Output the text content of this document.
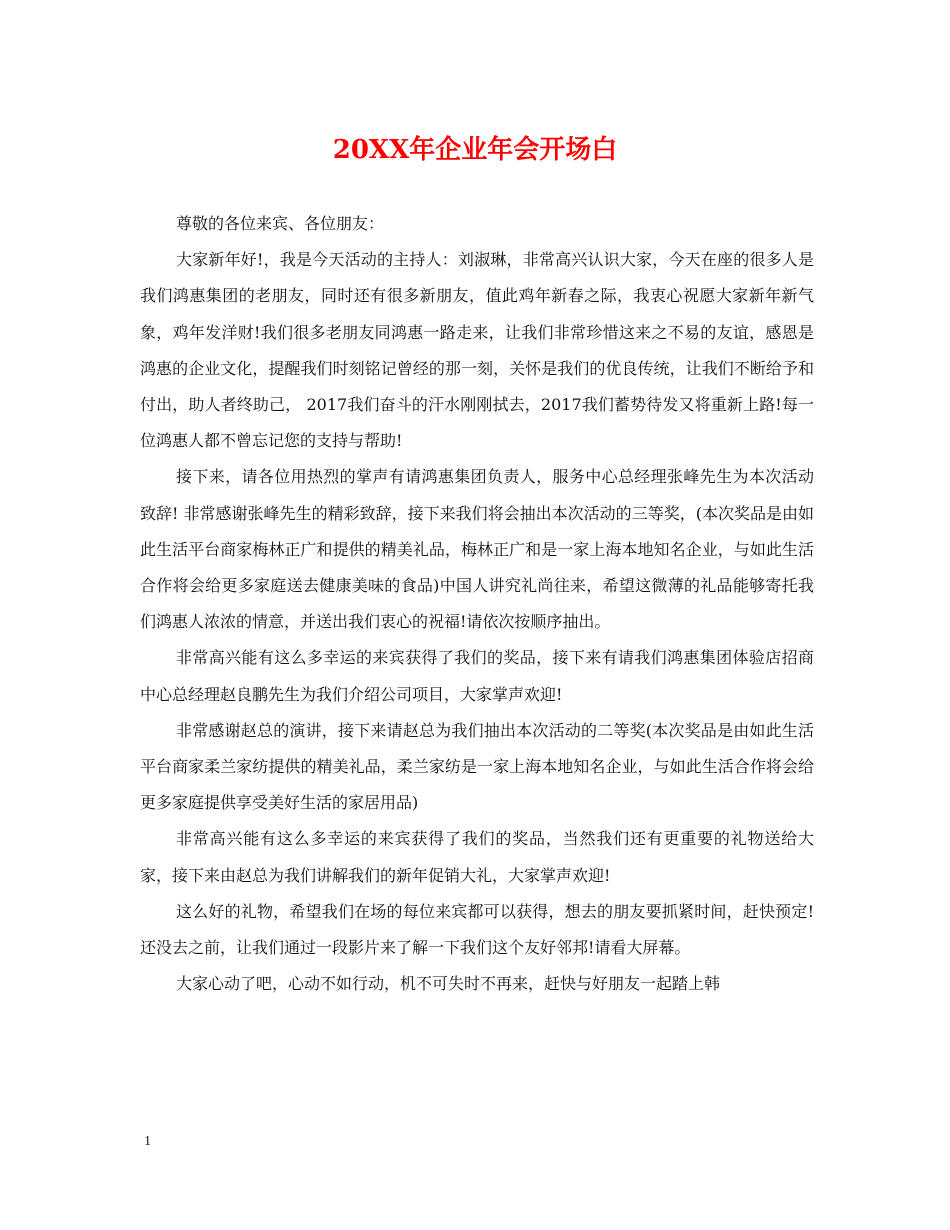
20XX年企业年会开场白

尊敬的各位来宾、各位朋友：

大家新年好!，我是今天活动的主持人：刘淑琳，非常高兴认识大家，今天在座的很多人是我们鸿惠集团的老朋友，同时还有很多新朋友，值此鸡年新春之际，我衷心祝愿大家新年新气象，鸡年发洋财!我们很多老朋友同鸿惠一路走来，让我们非常珍惜这来之不易的友谊，感恩是鸿惠的企业文化，提醒我们时刻铭记曾经的那一刻，关怀是我们的优良传统，让我们不断给予和付出，助人者终助己， 2017我们奋斗的汗水刚刚拭去，2017我们蓄势待发又将重新上路!每一位鸿惠人都不曾忘记您的支持与帮助!

接下来，请各位用热烈的掌声有请鸿惠集团负责人，服务中心总经理张峰先生为本次活动致辞! 非常感谢张峰先生的精彩致辞，接下来我们将会抽出本次活动的三等奖，(本次奖品是由如此生活平台商家梅林正广和提供的精美礼品，梅林正广和是一家上海本地知名企业，与如此生活合作将会给更多家庭送去健康美味的食品)中国人讲究礼尚往来，希望这微薄的礼品能够寄托我们鸿惠人浓浓的情意，并送出我们衷心的祝福!请依次按顺序抽出。

非常高兴能有这么多幸运的来宾获得了我们的奖品，接下来有请我们鸿惠集团体验店招商中心总经理赵良鹏先生为我们介绍公司项目，大家掌声欢迎!

非常感谢赵总的演讲，接下来请赵总为我们抽出本次活动的二等奖(本次奖品是由如此生活平台商家柔兰家纺提供的精美礼品，柔兰家纺是一家上海本地知名企业，与如此生活合作将会给更多家庭提供享受美好生活的家居用品)

非常高兴能有这么多幸运的来宾获得了我们的奖品，当然我们还有更重要的礼物送给大家，接下来由赵总为我们讲解我们的新年促销大礼，大家掌声欢迎!

这么好的礼物，希望我们在场的每位来宾都可以获得，想去的朋友要抓紧时间，赶快预定! 还没去之前，让我们通过一段影片来了解一下我们这个友好邻邦!请看大屏幕。

大家心动了吧，心动不如行动，机不可失时不再来，赶快与好朋友一起踏上韩

1
